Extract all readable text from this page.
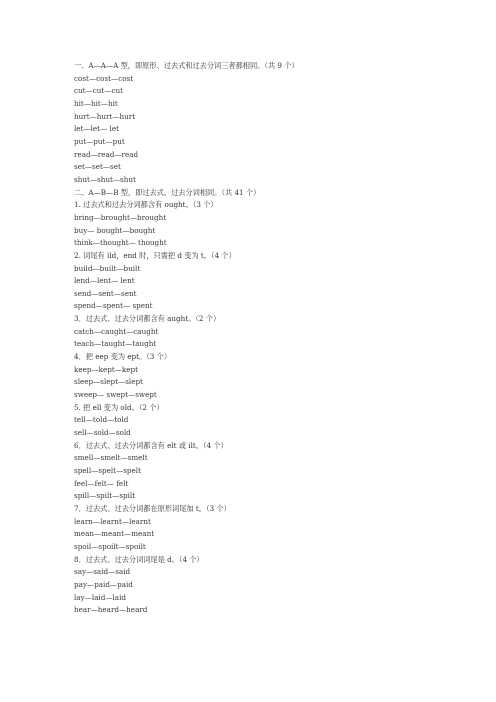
一、A—A—A 型，即原形、过去式和过去分词三者都相同。（共 9 个）
cost—cost—cost
cut—cut—cut
hit—hit—hit
hurt—hurt—hurt
let—let— let
put—put—put
read—read—read
set—set—set
shut—shut—shut
二、A—B—B 型，即过去式、过去分词相同。（共 41 个）
1. 过去式和过去分词都含有 ought。（3 个）
bring—brought—brought
buy— bought—bought
think—thought— thought
2. 词尾有 ild，end 时，只需把 d 变为 t。（4 个）
build—built—built
lend—lent— lent
send—sent—sent
spend—spent— spent
3．过去式、过去分词都含有 aught。（2 个）
catch—caught—caught
teach—taught—taught
4．把 eep 变为 ept。（3 个）
keep—kept—kept
sleep—slept—slept
sweep— swept—swept
5. 把 ell 变为 old。（2 个）
tell—told—told
sell—sold—sold
6．过去式、过去分词都含有 elt 或 ilt。（4 个）
smell—smelt—smelt
spell—spelt—spelt
feel—felt— felt
spill—spilt—spilt
7．过去式、过去分词都在原形词尾加 t。（3 个）
learn—learnt—learnt
mean—meant—meant
spoil—spoilt—spoilt
8．过去式、过去分词词尾是 d。（4 个）
say—said—said
pay—paid—paid
lay—laid—laid
hear—heard—heard
